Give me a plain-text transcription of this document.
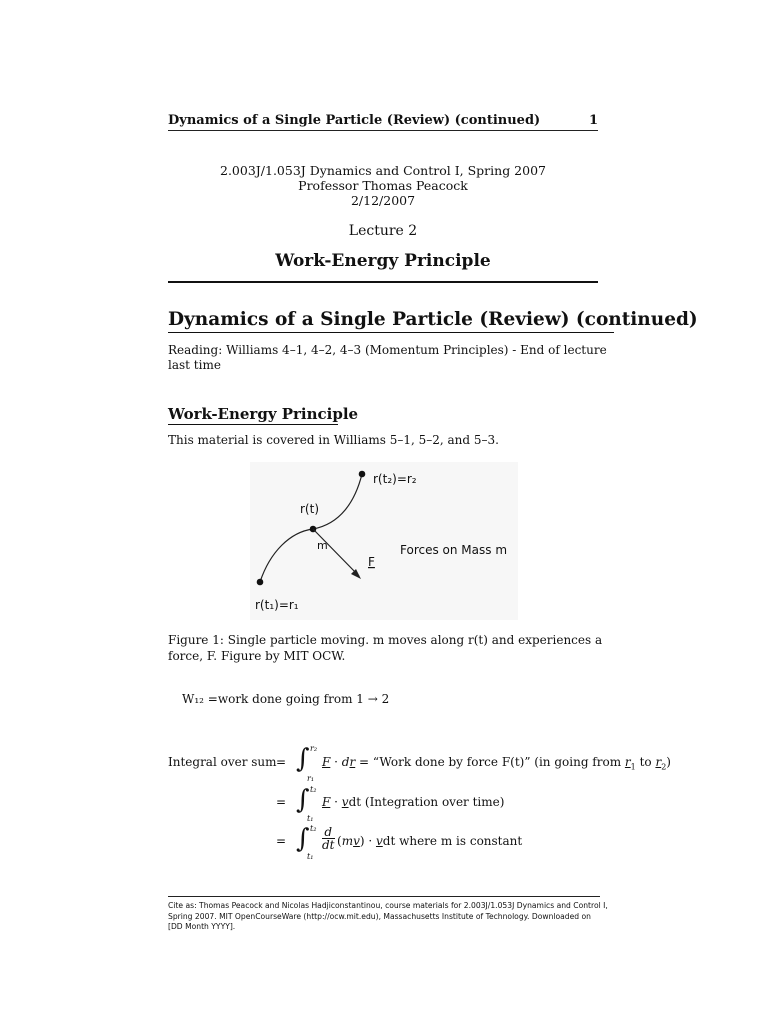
Dynamics of a Single Particle (Review) (continued)	1
2.003J/1.053J Dynamics and Control I, Spring 2007
Professor Thomas Peacock
2/12/2007
Lecture 2
Work-Energy Principle
Dynamics of a Single Particle (Review) (continued)
Reading: Williams 4–1, 4–2, 4–3 (Momentum Principles) - End of lecture last time
Work-Energy Principle
This material is covered in Williams 5–1, 5–2, and 5–3.
r(t₂)=r₂
r(t)
m
F
Forces on Mass m
r(t₁)=r₁
Figure 1: Single particle moving. m moves along r(t) and experiences a force, F. Figure by MIT OCW.
W₁₂ =work done going from 1 → 2
Integral over sum = ∫ r₂
r₁
F · dr = “Work done by force F(t)” (in going from $r_1$ to $r_2$)
= ∫ t₂
t₁
F · vdt (Integration over time)
= ∫ t₂
t₁
d
dt (mv) · vdt where m is constant
Cite as: Thomas Peacock and Nicolas Hadjiconstantinou, course materials for 2.003J/1.053J Dynamics and Control I, Spring 2007. MIT OpenCourseWare (http://ocw.mit.edu), Massachusetts Institute of Technology. Downloaded on [DD Month YYYY].
